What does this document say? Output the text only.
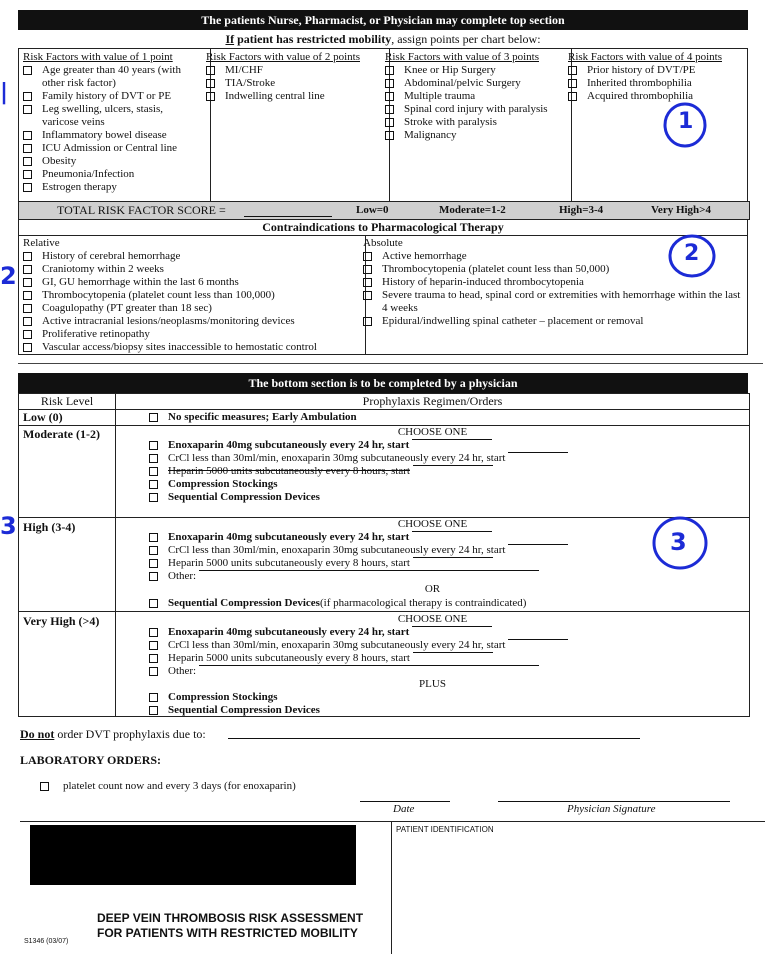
The patients Nurse, Pharmacist, or Physician may complete top section
If patient has restricted mobility, assign points per chart below:
Risk Factors with value of 1 point
Age greater than 40 years (with other risk factor)
Family history of DVT or PE
Leg swelling, ulcers, stasis, varicose veins
Inflammatory bowel disease
ICU Admission or Central line
Obesity
Pneumonia/Infection
Estrogen therapy
Risk Factors with value of 2 points
MI/CHF
TIA/Stroke
Indwelling central line
Risk Factors with value of 3 points
Knee or Hip Surgery
Abdominal/pelvic Surgery
Multiple trauma
Spinal cord injury with paralysis
Stroke with paralysis
Malignancy
Risk Factors with value of 4 points
Prior history of DVT/PE
Inherited thrombophilia
Acquired thrombophilia
TOTAL RISK FACTOR SCORE =	Low=0	Moderate=1-2	High=3-4	Very High>4
Contraindications to Pharmacological Therapy
Relative
History of cerebral hemorrhage
Craniotomy within 2 weeks
GI, GU hemorrhage within the last 6 months
Thrombocytopenia (platelet count less than 100,000)
Coagulopathy (PT greater than 18 sec)
Active intracranial lesions/neoplasms/monitoring devices
Proliferative retinopathy
Vascular access/biopsy sites inaccessible to hemostatic control
Absolute
Active hemorrhage
Thrombocytopenia (platelet count less than 50,000)
History of heparin-induced thrombocytopenia
Severe trauma to head, spinal cord or extremities with hemorrhage within the last 4 weeks
Epidural/indwelling spinal catheter – placement or removal
The bottom section is to be completed by a physician
Risk Level	Prophylaxis Regimen/Orders
Low (0)	No specific measures; Early Ambulation
Moderate (1-2)	CHOOSE ONE
Enoxaparin 40mg subcutaneously every 24 hr, start

CrCl less than 30ml/min, enoxaparin 30mg subcutaneously every 24 hr, start

Heparin 5000 units subcutaneously every 8 hours, start

Compression Stockings
Sequential Compression Devices
High (3-4)	CHOOSE ONE
Enoxaparin 40mg subcutaneously every 24 hr, start

CrCl less than 30ml/min, enoxaparin 30mg subcutaneously every 24 hr, start

Heparin 5000 units subcutaneously every 8 hours, start

Other:

OR
Sequential Compression Devices (if pharmacological therapy is contraindicated)
Very High (>4)	CHOOSE ONE
Enoxaparin 40mg subcutaneously every 24 hr, start

CrCl less than 30ml/min, enoxaparin 30mg subcutaneously every 24 hr, start

Heparin 5000 units subcutaneously every 8 hours, start

Other:

PLUS
Compression Stockings
Sequential Compression Devices
Do not order DVT prophylaxis due to:
LABORATORY ORDERS:
platelet count now and every 3 days (for enoxaparin)
Date	Physician Signature
PATIENT IDENTIFICATION
DEEP VEIN THROMBOSIS RISK ASSESSMENT
FOR PATIENTS WITH RESTRICTED MOBILITY
S1346 (03/07)
|
1
2
2
3
3
